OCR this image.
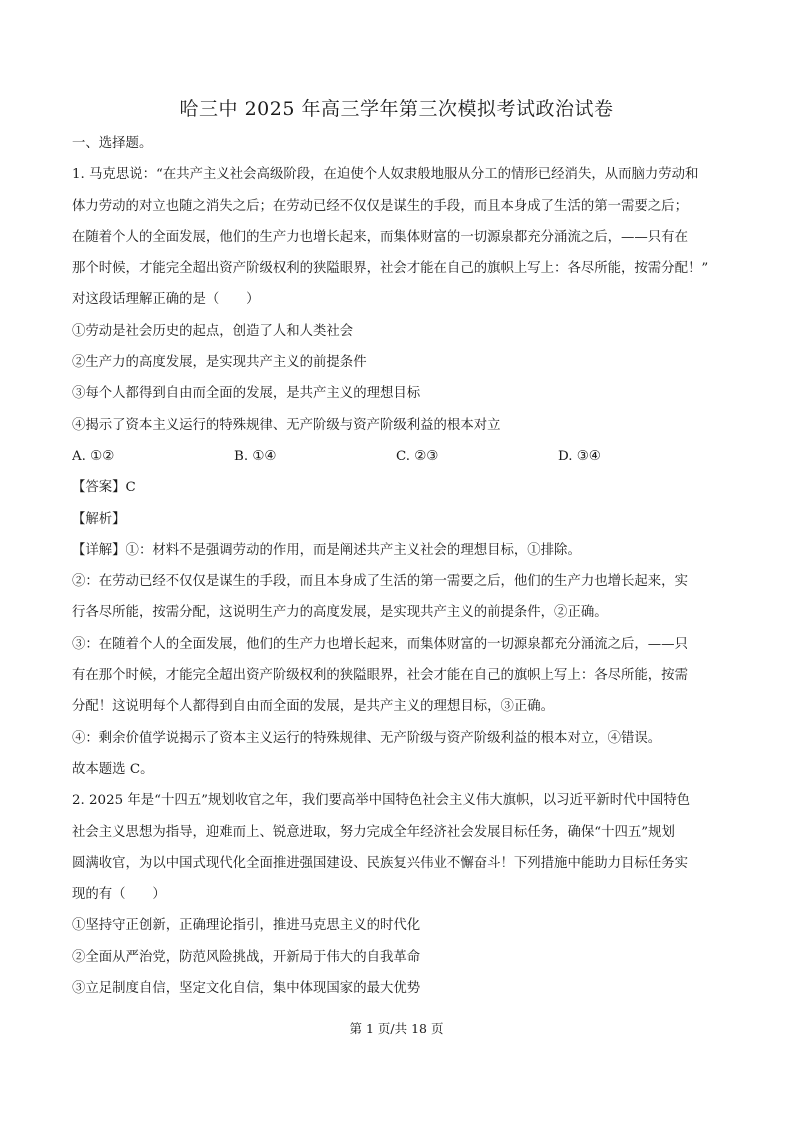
哈三中 2025 年高三学年第三次模拟考试政治试卷
一、选择题。
1. 马克思说：“在共产主义社会高级阶段，在迫使个人奴隶般地服从分工的情形已经消失，从而脑力劳动和
体力劳动的对立也随之消失之后；在劳动已经不仅仅是谋生的手段，而且本身成了生活的第一需要之后；
在随着个人的全面发展，他们的生产力也增长起来，而集体财富的一切源泉都充分涌流之后，——只有在
那个时候，才能完全超出资产阶级权利的狭隘眼界，社会才能在自己的旗帜上写上：各尽所能，按需分配！”
对这段话理解正确的是（　　）
①劳动是社会历史的起点，创造了人和人类社会
②生产力的高度发展，是实现共产主义的前提条件
③每个人都得到自由而全面的发展，是共产主义的理想目标
④揭示了资本主义运行的特殊规律、无产阶级与资产阶级利益的根本对立
A. ①②	B. ①④	C. ②③	D. ③④
【答案】C
【解析】
【详解】①：材料不是强调劳动的作用，而是阐述共产主义社会的理想目标，①排除。
②：在劳动已经不仅仅是谋生的手段，而且本身成了生活的第一需要之后，他们的生产力也增长起来，实
行各尽所能，按需分配，这说明生产力的高度发展，是实现共产主义的前提条件，②正确。
③：在随着个人的全面发展，他们的生产力也增长起来，而集体财富的一切源泉都充分涌流之后，——只
有在那个时候，才能完全超出资产阶级权利的狭隘眼界，社会才能在自己的旗帜上写上：各尽所能，按需
分配！这说明每个人都得到自由而全面的发展，是共产主义的理想目标，③正确。
④：剩余价值学说揭示了资本主义运行的特殊规律、无产阶级与资产阶级利益的根本对立，④错误。
故本题选 C。
2. 2025 年是“十四五”规划收官之年，我们要高举中国特色社会主义伟大旗帜，以习近平新时代中国特色
社会主义思想为指导，迎难而上、锐意进取，努力完成全年经济社会发展目标任务，确保“十四五”规划
圆满收官，为以中国式现代化全面推进强国建设、民族复兴伟业不懈奋斗！下列措施中能助力目标任务实
现的有（　　）
①坚持守正创新，正确理论指引，推进马克思主义的时代化
②全面从严治党，防范风险挑战，开新局于伟大的自我革命
③立足制度自信，坚定文化自信，集中体现国家的最大优势
第 1 页/共 18 页
